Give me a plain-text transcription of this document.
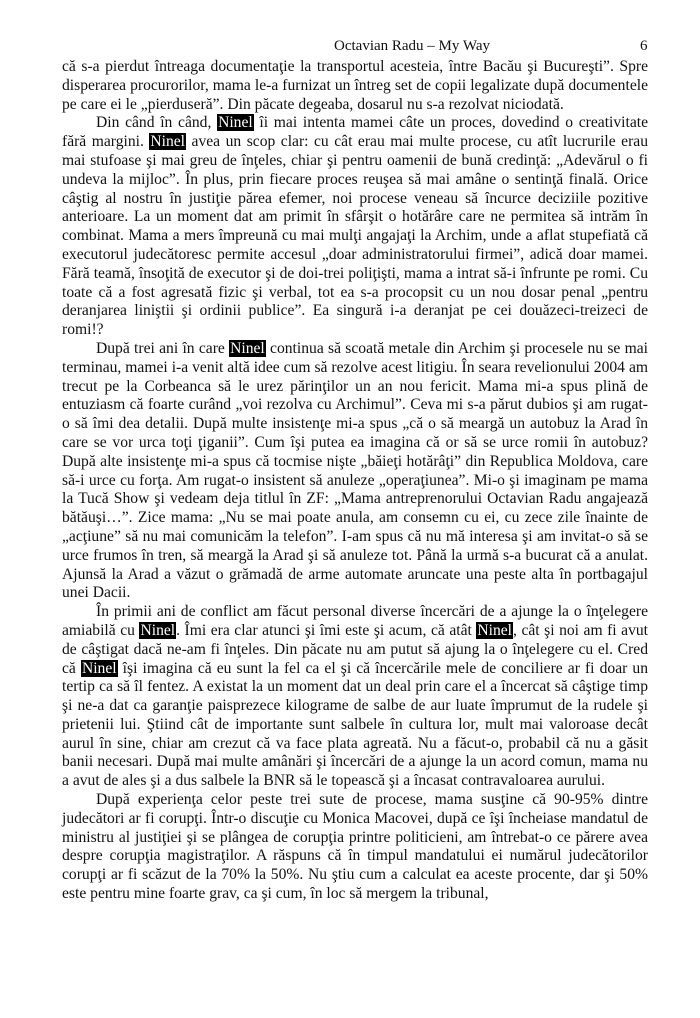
Octavian Radu – My Way	6

că s-a pierdut întreaga documentaţie la transportul acesteia, între Bacău şi Bucureşti”. Spre disperarea procurorilor, mama le-a furnizat un întreg set de copii legalizate după documentele pe care ei le „pierduseră”. Din păcate degeaba, dosarul nu s-a rezolvat niciodată.

Din când în când, Ninel îi mai intenta mamei câte un proces, dovedind o creativitate fără margini. Ninel avea un scop clar: cu cât erau mai multe procese, cu atît lucrurile erau mai stufoase şi mai greu de înţeles, chiar şi pentru oamenii de bună credinţă: „Adevărul o fi undeva la mijloc”. În plus, prin fiecare proces reuşea să mai amâne o sentinţă finală. Orice câştig al nostru în justiţie părea efemer, noi procese veneau să încurce deciziile pozitive anterioare. La un moment dat am primit în sfârşit o hotărâre care ne permitea să intrăm în combinat. Mama a mers împreună cu mai mulţi angajaţi la Archim, unde a aflat stupefiată că executorul judecătoresc permite accesul „doar administratorului firmei”, adică doar mamei. Fără teamă, însoţită de executor şi de doi-trei poliţişti, mama a intrat să-i înfrunte pe romi. Cu toate că a fost agresată fizic şi verbal, tot ea s-a procopsit cu un nou dosar penal „pentru deranjarea liniştii şi ordinii publice”. Ea singură i-a deranjat pe cei douăzeci-treizeci de romi!?

După trei ani în care Ninel continua să scoată metale din Archim şi procesele nu se mai terminau, mamei i-a venit altă idee cum să rezolve acest litigiu. În seara revelionului 2004 am trecut pe la Corbeanca să le urez părinţilor un an nou fericit. Mama mi-a spus plină de entuziasm că foarte curând „voi rezolva cu Archimul”. Ceva mi s-a părut dubios şi am rugat-o să îmi dea detalii. După multe insistenţe mi-a spus „că o să meargă un autobuz la Arad în care se vor urca toţi ţiganii”. Cum îşi putea ea imagina că or să se urce romii în autobuz? După alte insistenţe mi-a spus că tocmise nişte „băieţi hotărâţi” din Republica Moldova, care să-i urce cu forţa. Am rugat-o insistent să anuleze „operaţiunea”. Mi-o şi imaginam pe mama la Tucă Show şi vedeam deja titlul în ZF: „Mama antreprenorului Octavian Radu angajează bătăuşi…”. Zice mama: „Nu se mai poate anula, am consemn cu ei, cu zece zile înainte de „acţiune” să nu mai comunicăm la telefon”. I-am spus că nu mă interesa şi am invitat-o să se urce frumos în tren, să meargă la Arad şi să anuleze tot. Până la urmă s-a bucurat că a anulat. Ajunsă la Arad a văzut o grămadă de arme automate aruncate una peste alta în portbagajul unei Dacii.

În primii ani de conflict am făcut personal diverse încercări de a ajunge la o înţelegere amiabilă cu Ninel. Îmi era clar atunci şi îmi este şi acum, că atât Ninel, cât şi noi am fi avut de câştigat dacă ne-am fi înţeles. Din păcate nu am putut să ajung la o înţelegere cu el. Cred că Ninel îşi imagina că eu sunt la fel ca el şi că încercările mele de conciliere ar fi doar un tertip ca să îl fentez. A existat la un moment dat un deal prin care el a încercat să câştige timp şi ne-a dat ca garanţie paisprezece kilograme de salbe de aur luate împrumut de la rudele şi prietenii lui. Ştiind cât de importante sunt salbele în cultura lor, mult mai valoroase decât aurul în sine, chiar am crezut că va face plata agreată. Nu a făcut-o, probabil că nu a găsit banii necesari. După mai multe amânări şi încercări de a ajunge la un acord comun, mama nu a avut de ales şi a dus salbele la BNR să le topească şi a încasat contravaloarea aurului.

După experienţa celor peste trei sute de procese, mama susţine că 90-95% dintre judecători ar fi corupţi. Într-o discuţie cu Monica Macovei, după ce îşi încheiase mandatul de ministru al justiţiei şi se plângea de corupţia printre politicieni, am întrebat-o ce părere avea despre corupţia magistraţilor. A răspuns că în timpul mandatului ei numărul judecătorilor corupţi ar fi scăzut de la 70% la 50%. Nu ştiu cum a calculat ea aceste procente, dar şi 50% este pentru mine foarte grav, ca şi cum, în loc să mergem la tribunal,
